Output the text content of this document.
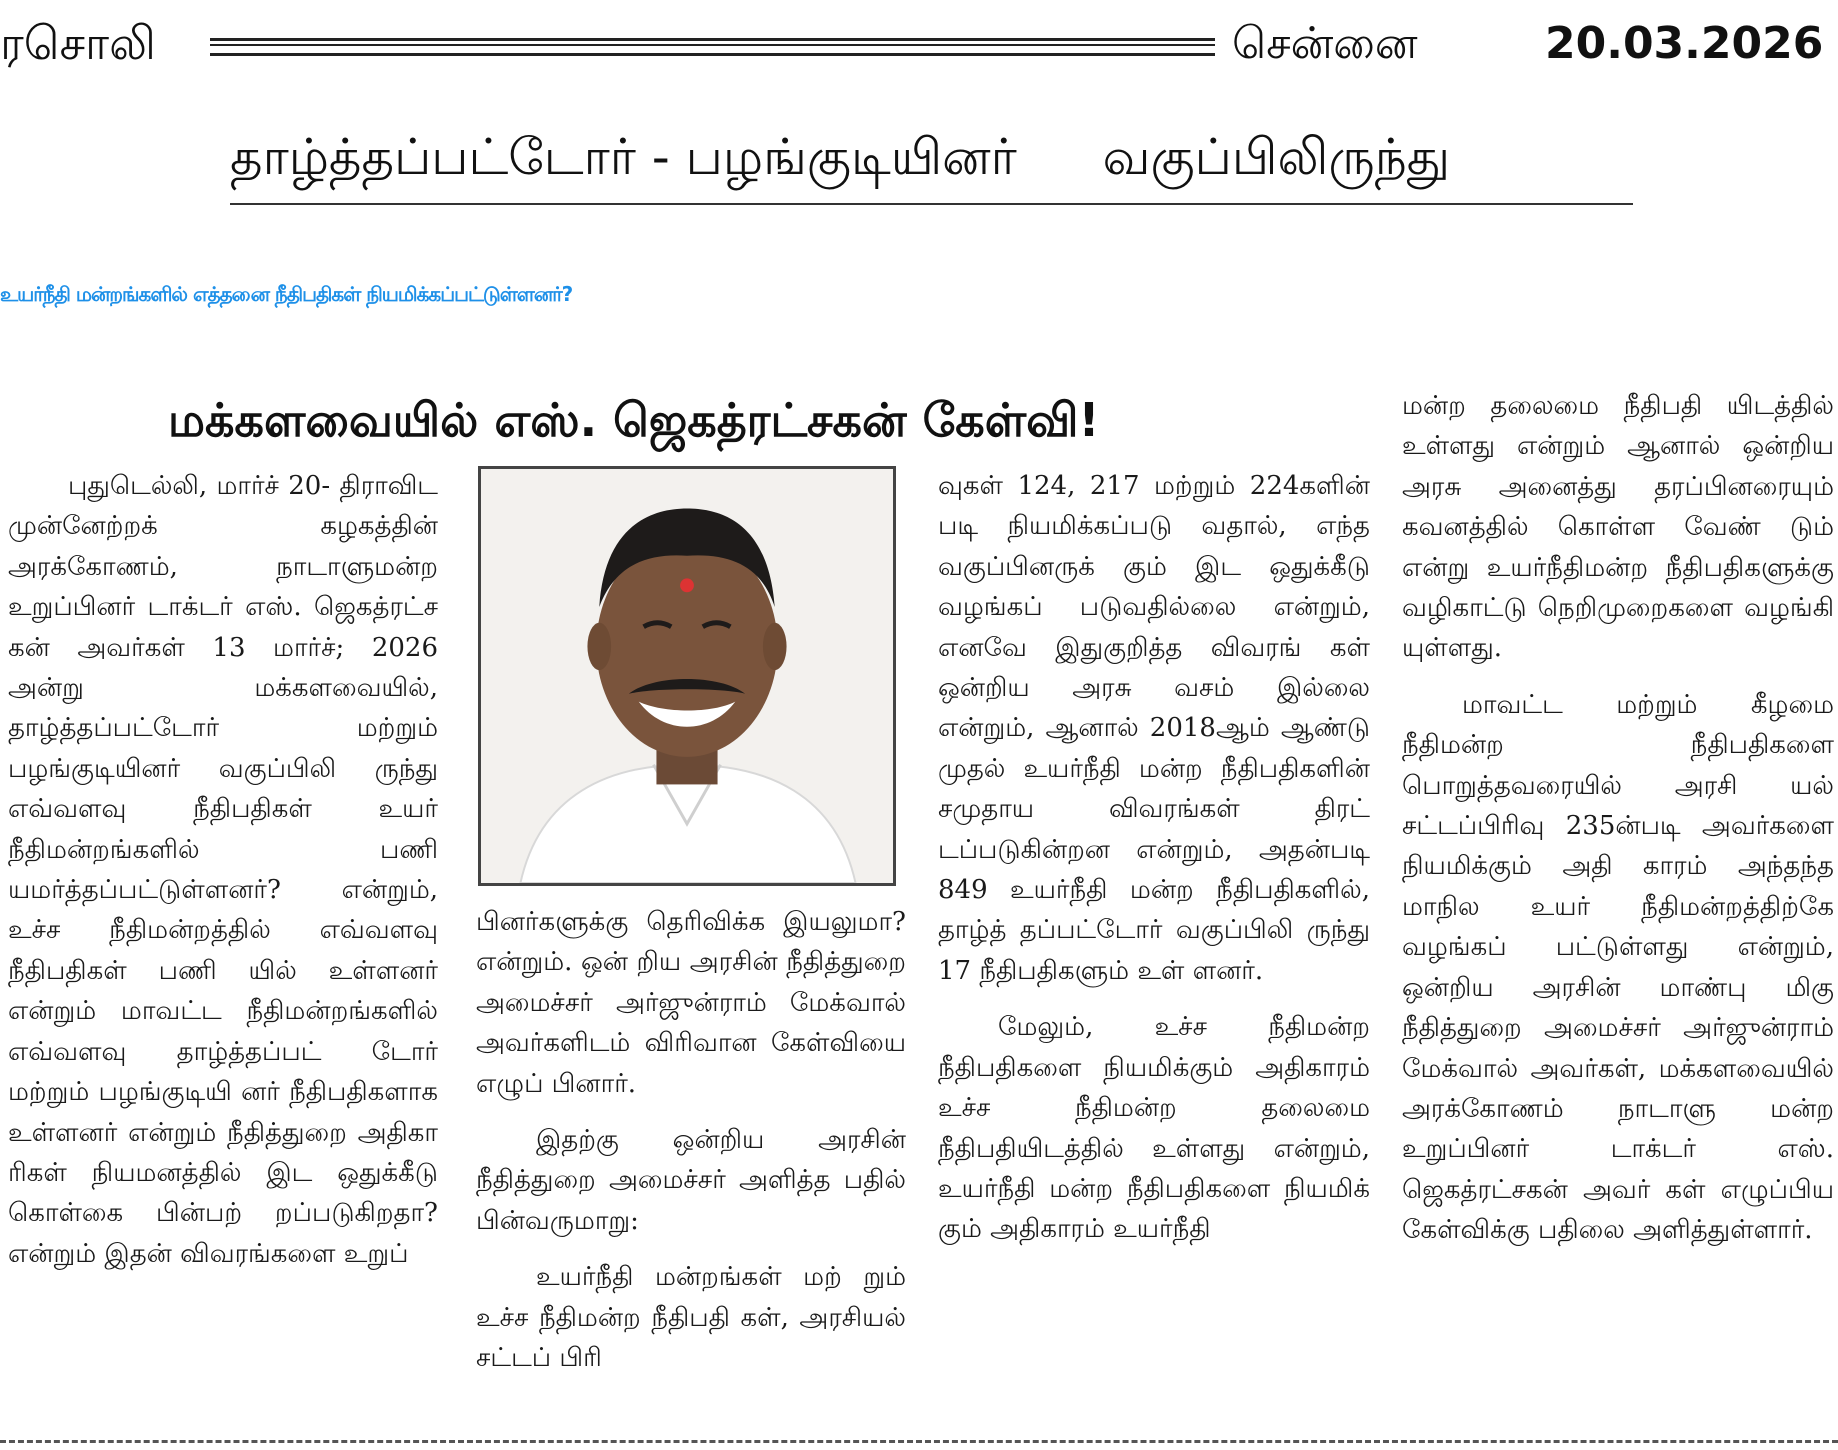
ரசொலி	சென்னை	20.03.2026
தாழ்த்தப்பட்டோர் - பழங்குடியினர் வகுப்பிலிருந்து
உயர்நீதி மன்றங்களில் எத்தனை நீதிபதிகள் நியமிக்கப்பட்டுள்ளனர்?
மக்களவையில் எஸ். ஜெகத்ரட்சகன் கேள்வி!

புதுடெல்லி, மார்ச் 20- திராவிட முன்னேற்றக் கழகத்தின் அரக்கோணம், நாடாளுமன்ற உறுப்பினர் டாக்டர் எஸ். ஜெகத்ரட்ச கன் அவர்கள் 13 மார்ச்; 2026 அன்று மக்களவையில், தாழ்த்தப்பட்டோர் மற்றும் பழங்குடியினர் வகுப்பிலி ருந்து எவ்வளவு நீதிபதிகள் உயர் நீதிமன்றங்களில் பணி யமர்த்தப்பட்டுள்ளனர்? என்றும், உச்ச நீதிமன்றத்தில் எவ்வளவு நீதிபதிகள் பணி யில் உள்ளனர் என்றும் மாவட்ட நீதிமன்றங்களில் எவ்வளவு தாழ்த்தப்பட் டோர் மற்றும் பழங்குடியி னர் நீதிபதிகளாக உள்ளனர் என்றும் நீதித்துறை அதிகா ரிகள் நியமனத்தில் இட ஒதுக்கீடு கொள்கை பின்பற் றப்படுகிறதா? என்றும் இதன் விவரங்களை உறுப்

பினர்களுக்கு தெரிவிக்க இயலுமா? என்றும். ஒன் றிய அரசின் நீதித்துறை அமைச்சர் அர்ஜுன்ராம் மேக்வால் அவர்களிடம் விரிவான கேள்வியை எழுப் பினார்.

இதற்கு ஒன்றிய அரசின் நீதித்துறை அமைச்சர் அளித்த பதில் பின்வருமாறு:

உயர்நீதி மன்றங்கள் மற் றும் உச்ச நீதிமன்ற நீதிபதி கள், அரசியல் சட்டப் பிரி

வுகள் 124, 217 மற்றும் 224களின் படி நியமிக்கப்படு வதால், எந்த வகுப்பினருக் கும் இட ஒதுக்கீடு வழங்கப் படுவதில்லை என்றும், எனவே இதுகுறித்த விவரங் கள் ஒன்றிய அரசு வசம் இல்லை என்றும், ஆனால் 2018ஆம் ஆண்டு முதல் உயர்நீதி மன்ற நீதிபதிகளின் சமுதாய விவரங்கள் திரட் டப்படுகின்றன என்றும், அதன்படி 849 உயர்நீதி மன்ற நீதிபதிகளில், தாழ்த் தப்பட்டோர் வகுப்பிலி ருந்து 17 நீதிபதிகளும் உள் ளனர்.

மேலும், உச்ச நீதிமன்ற நீதிபதிகளை நியமிக்கும் அதிகாரம் உச்ச நீதிமன்ற தலைமை நீதிபதியிடத்தில் உள்ளது என்றும், உயர்நீதி மன்ற நீதிபதிகளை நியமிக் கும் அதிகாரம் உயர்நீதி

மன்ற தலைமை நீதிபதி யிடத்தில் உள்ளது என்றும் ஆனால் ஒன்றிய அரசு அனைத்து தரப்பினரையும் கவனத்தில் கொள்ள வேண் டும் என்று உயர்நீதிமன்ற நீதிபதிகளுக்கு வழிகாட்டு நெறிமுறைகளை வழங்கி யுள்ளது.

மாவட்ட மற்றும் கீழமை நீதிமன்ற நீதிபதிகளை பொறுத்தவரையில் அரசி யல் சட்டப்பிரிவு 235ன்படி அவர்களை நியமிக்கும் அதி காரம் அந்தந்த மாநில உயர் நீதிமன்றத்திற்கே வழங்கப் பட்டுள்ளது என்றும், ஒன்றிய அரசின் மாண்பு மிகு நீதித்துறை அமைச்சர் அர்ஜுன்ராம் மேக்வால் அவர்கள், மக்களவையில் அரக்கோணம் நாடாளு மன்ற உறுப்பினர் டாக்டர் எஸ். ஜெகத்ரட்சகன் அவர் கள் எழுப்பிய கேள்விக்கு பதிலை அளித்துள்ளார்.
